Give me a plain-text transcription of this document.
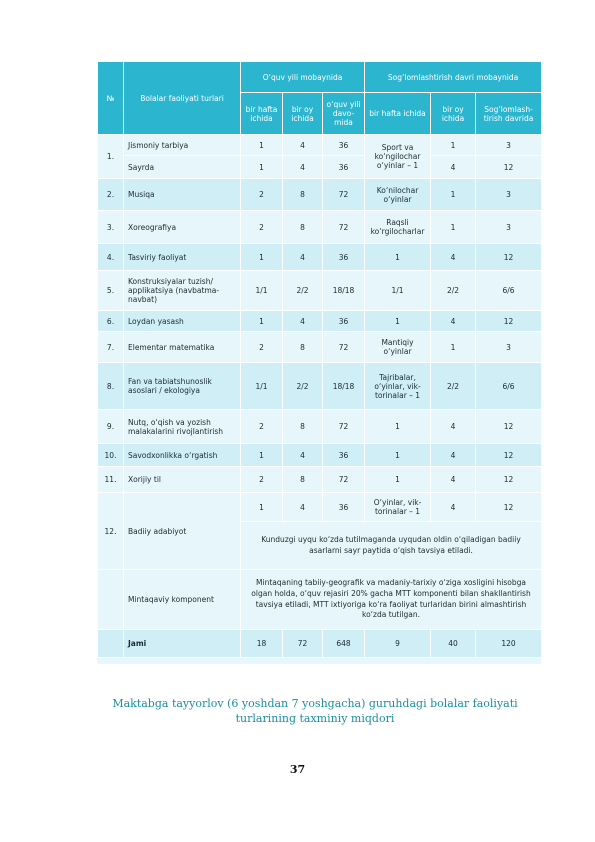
№	Bolalar faoliyati turlari	O‘quv yili mobaynida			Sog‘lomlashtirish davri mobaynida		
		bir hafta ichida	bir oy ichida	o‘quv yili davo-mida	bir hafta ichida	bir oy ichida	Sog‘lomlash-tirish davrida
1.	Jismoniy tarbiya	1	4	36	Sport va ko‘ngilochar o‘yinlar – 1	1	3
	Sayrda	1	4	36		4	12
2.	Musiqa	2	8	72	Ko‘nilochar o‘yinlar	1	3
3.	Xoreografiya	2	8	72	Raqsli ko‘rgilocharlar	1	3
4.	Tasviriy faoliyat	1	4	36	1	4	12
5.	Konstruksiyalar tuzish/ applikatsiya (navbatma-navbat)	1/1	2/2	18/18	1/1	2/2	6/6
6.	Loydan yasash	1	4	36	1	4	12
7.	Elementar matematika	2	8	72	Mantiqiy o‘yinlar	1	3
8.	Fan va tabiatshunoslik asoslari / ekologiya	1/1	2/2	18/18	Tajribalar, o‘yinlar, vik-torinalar – 1	2/2	6/6
9.	Nutq, o‘qish va yozish malakalarini rivojlantirish	2	8	72	1	4	12
10.	Savodxonlikka o‘rgatish	1	4	36	1	4	12
11.	Xorijiy til	2	8	72	1	4	12
12.	Badiiy adabiyot	1	4	36	O‘yinlar, vik-torinalar – 1	4	12
		Kunduzgi uyqu ko‘zda tutilmaganda uyqudan oldin o‘qiladigan badiiy asarlarni sayr paytida o‘qish tavsiya etiladi.					
	Mintaqaviy komponent	Mintaqaning tabiiy-geografik va madaniy-tarixiy o‘ziga xosligini hisobga olgan holda, o‘quv rejasiri 20% gacha MTT komponenti bilan shakllantirish tavsiya etiladi, MTT ixtiyoriga ko‘ra faoliyat turlaridan birini almashtirish ko‘zda tutilgan.					
	Jami	18	72	648	9	40	120
Maktabga tayyorlov (6 yoshdan 7 yoshgacha) guruhdagi bolalar faoliyati turlarining taxminiy miqdori
37
